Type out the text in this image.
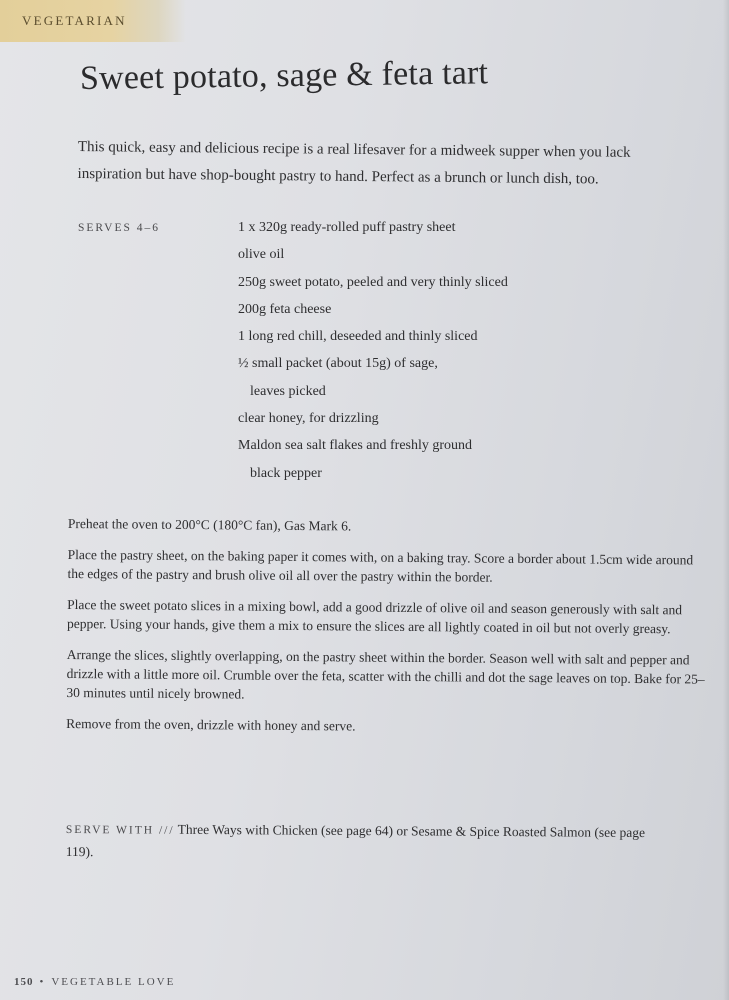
VEGETARIAN
Sweet potato, sage & feta tart

This quick, easy and delicious recipe is a real lifesaver for a midweek supper when you lack inspiration but have shop-bought pastry to hand. Perfect as a brunch or lunch dish, too.

SERVES 4–6	1 x 320g ready-rolled puff pastry sheet
olive oil
250g sweet potato, peeled and very thinly sliced
200g feta cheese
1 long red chill, deseeded and thinly sliced
½ small packet (about 15g) of sage,
leaves picked
clear honey, for drizzling
Maldon sea salt flakes and freshly ground
black pepper

Preheat the oven to 200°C (180°C fan), Gas Mark 6.

Place the pastry sheet, on the baking paper it comes with, on a baking tray. Score a border about 1.5cm wide around the edges of the pastry and brush olive oil all over the pastry within the border.

Place the sweet potato slices in a mixing bowl, add a good drizzle of olive oil and season generously with salt and pepper. Using your hands, give them a mix to ensure the slices are all lightly coated in oil but not overly greasy.

Arrange the slices, slightly overlapping, on the pastry sheet within the border. Season well with salt and pepper and drizzle with a little more oil. Crumble over the feta, scatter with the chilli and dot the sage leaves on top. Bake for 25–30 minutes until nicely browned.

Remove from the oven, drizzle with honey and serve.

SERVE WITH /// Three Ways with Chicken (see page 64) or Sesame & Spice Roasted Salmon (see page 119).

150 • VEGETABLE LOVE
